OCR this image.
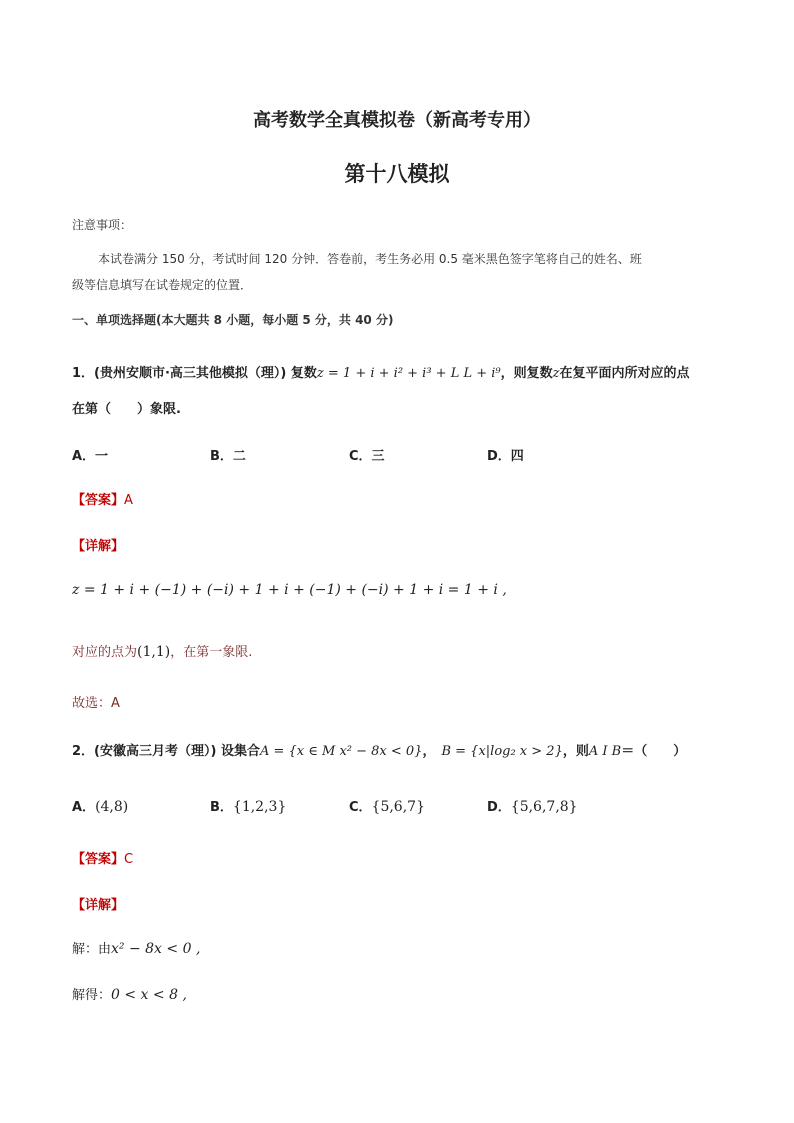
高考数学全真模拟卷（新高考专用）
第十八模拟
注意事项：
本试卷满分 150 分，考试时间 120 分钟．答卷前，考生务必用 0.5 毫米黑色签字笔将自己的姓名、班
级等信息填写在试卷规定的位置．
一、单项选择题(本大题共 8 小题，每小题 5 分，共 40 分)
1．(贵州安顺市·高三其他模拟（理）) 复数z = 1 + i + i² + i³ + L L + i⁹，则复数z在复平面内所对应的点
在第（　　）象限.
A．一	B．二	C．三	D．四
【答案】A
【详解】
z = 1 + i + (−1) + (−i) + 1 + i + (−1) + (−i) + 1 + i = 1 + i ,
对应的点为(1,1)，在第一象限.
故选：A
2．(安徽高三月考（理）) 设集合A = {x ∈ M x² − 8x < 0}， B = {x|log₂ x > 2}，则A I B＝（　　）
A．(4,8)	B．{1,2,3}	C．{5,6,7}	D．{5,6,7,8}
【答案】C
【详解】
解：由x² − 8x < 0 ,
解得：0 < x < 8 ,
